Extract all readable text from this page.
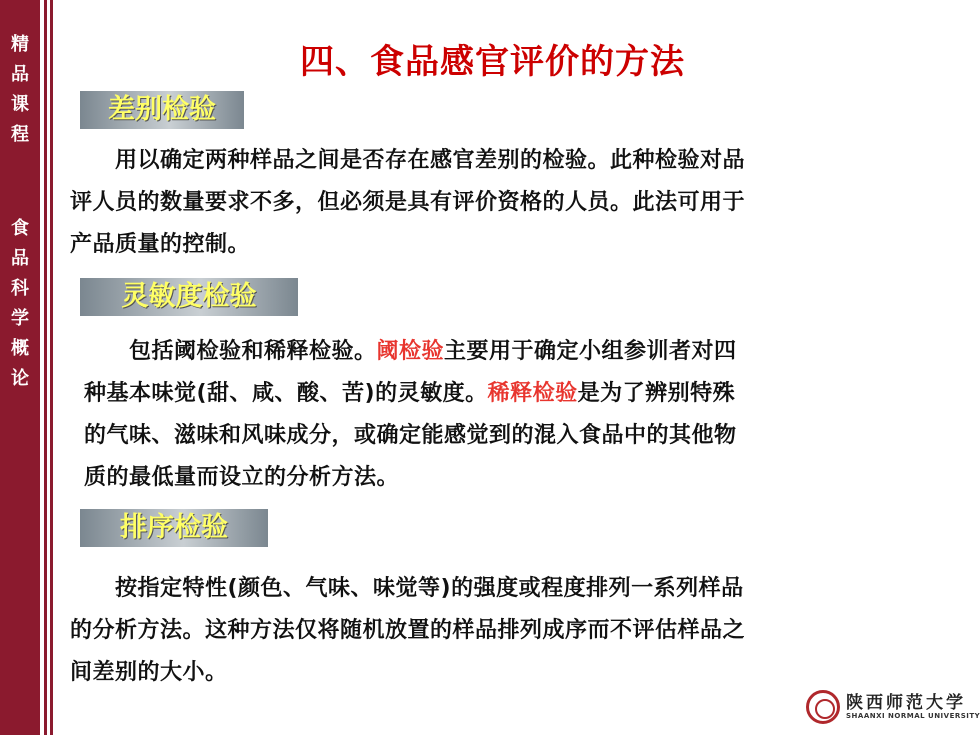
精
品
课
程
食
品
科
学
概
论
四、食品感官评价的方法
差别检验
　　用以确定两种样品之间是否存在感官差别的检验。此种检验对品
评人员的数量要求不多，但必须是具有评价资格的人员。此法可用于
产品质量的控制。
灵敏度检验
　　包括阈检验和稀释检验。阈检验主要用于确定小组参训者对四
种基本味觉(甜、咸、酸、苦)的灵敏度。稀释检验是为了辨别特殊
的气味、滋味和风味成分，或确定能感觉到的混入食品中的其他物
质的最低量而设立的分析方法。
排序检验
　　按指定特性(颜色、气味、味觉等)的强度或程度排列一系列样品
的分析方法。这种方法仅将随机放置的样品排列成序而不评估样品之
间差别的大小。
陕西师范大学
SHAANXI NORMAL UNIVERSITY
